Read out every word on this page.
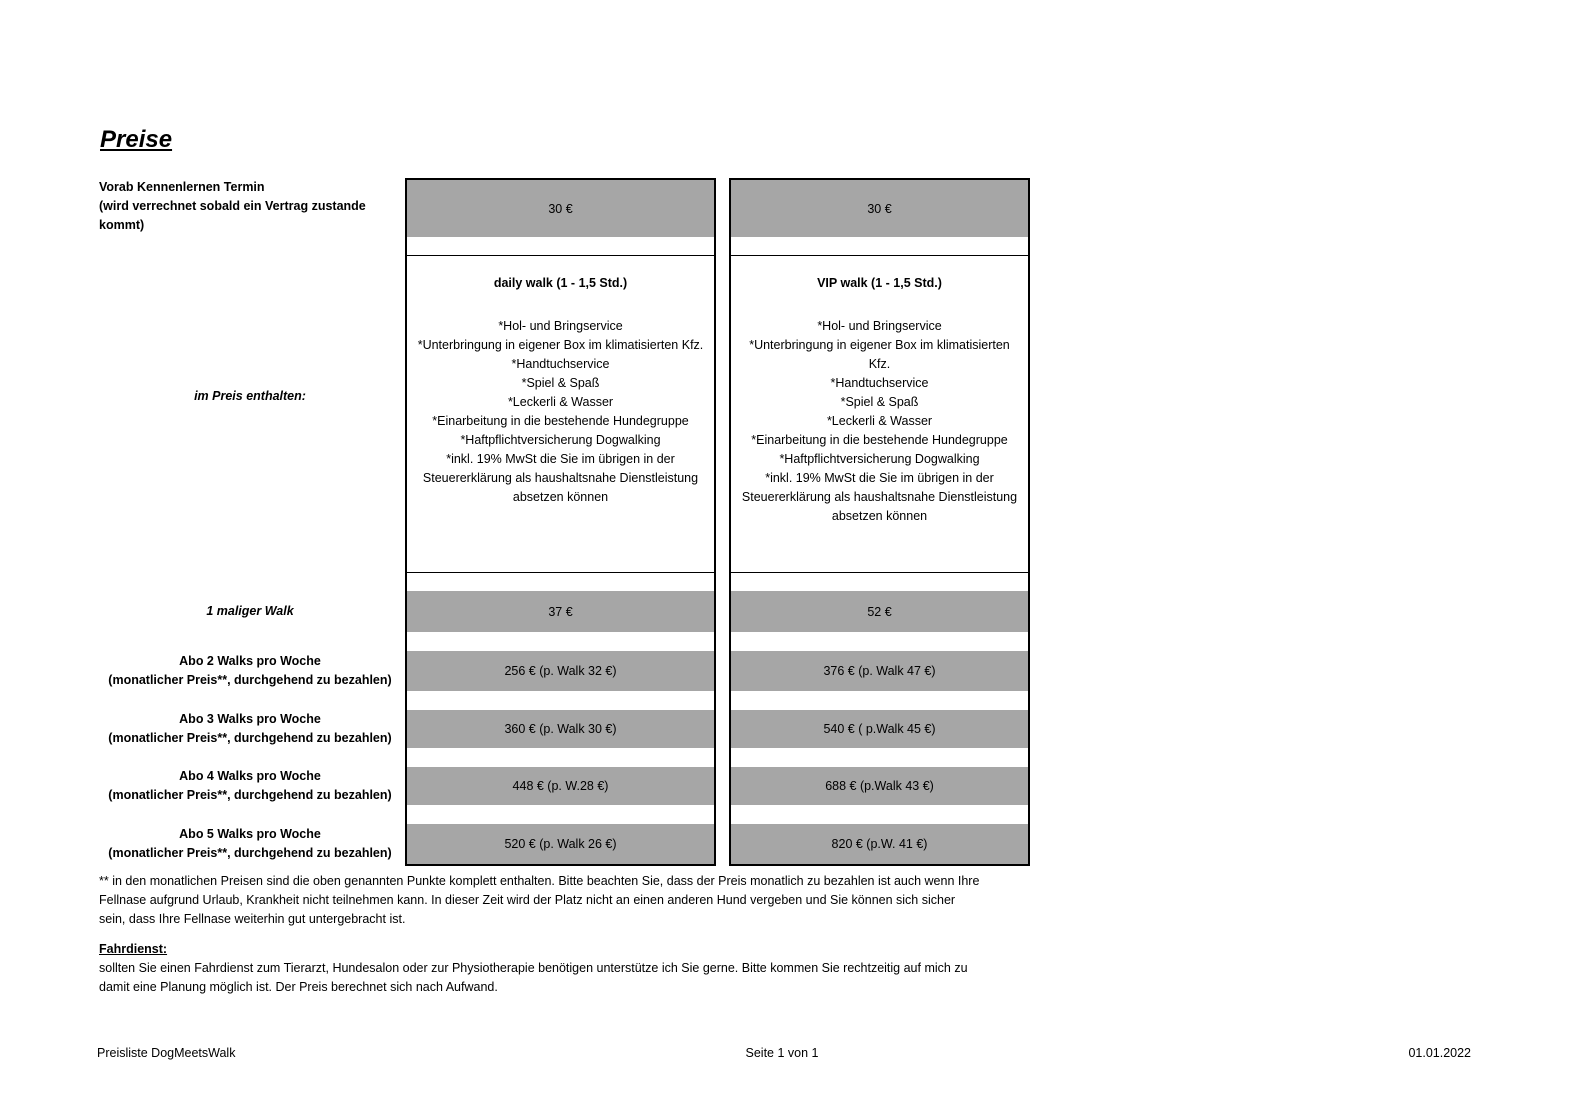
Preise
Vorab Kennenlernen Termin
(wird verrechnet sobald ein Vertrag zustande
kommt)
im Preis enthalten:
1 maliger Walk
Abo 2 Walks pro Woche
(monatlicher Preis**, durchgehend zu bezahlen)
Abo 3 Walks pro Woche
(monatlicher Preis**, durchgehend zu bezahlen)
Abo 4 Walks pro Woche
(monatlicher Preis**, durchgehend zu bezahlen)
Abo 5 Walks pro Woche
(monatlicher Preis**, durchgehend zu bezahlen)
30 €
daily walk (1 - 1,5 Std.)
*Hol- und Bringservice
*Unterbringung in eigener Box im klimatisierten Kfz.
*Handtuchservice
*Spiel & Spaß
*Leckerli & Wasser
*Einarbeitung in die bestehende Hundegruppe
*Haftpflichtversicherung Dogwalking
*inkl. 19% MwSt die Sie im übrigen in der
Steuererklärung als haushaltsnahe Dienstleistung
absetzen können
37 €
256 € (p. Walk 32 €)
360 € (p. Walk 30 €)
448 € (p. W.28 €)
520 € (p. Walk 26 €)
30 €
VIP walk (1 - 1,5 Std.)
*Hol- und Bringservice
*Unterbringung in eigener Box im klimatisierten
Kfz.
*Handtuchservice
*Spiel & Spaß
*Leckerli & Wasser
*Einarbeitung in die bestehende Hundegruppe
*Haftpflichtversicherung Dogwalking
*inkl. 19% MwSt die Sie im übrigen in der
Steuererklärung als haushaltsnahe Dienstleistung
absetzen können
52 €
376 € (p. Walk 47 €)
540 € ( p.Walk 45 €)
688 € (p.Walk 43 €)
820 € (p.W. 41 €)
** in den monatlichen Preisen sind die oben genannten Punkte komplett enthalten. Bitte beachten Sie, dass der Preis monatlich zu bezahlen ist auch wenn Ihre
Fellnase aufgrund Urlaub, Krankheit nicht teilnehmen kann. In dieser Zeit wird der Platz nicht an einen anderen Hund vergeben und Sie können sich sicher
sein, dass Ihre Fellnase weiterhin gut untergebracht ist.
Fahrdienst:
sollten Sie einen Fahrdienst zum Tierarzt, Hundesalon oder zur Physiotherapie benötigen unterstütze ich Sie gerne. Bitte kommen Sie rechtzeitig auf mich zu
damit eine Planung möglich ist. Der Preis berechnet sich nach Aufwand.
Preisliste DogMeetsWalk	Seite 1 von 1	01.01.2022
